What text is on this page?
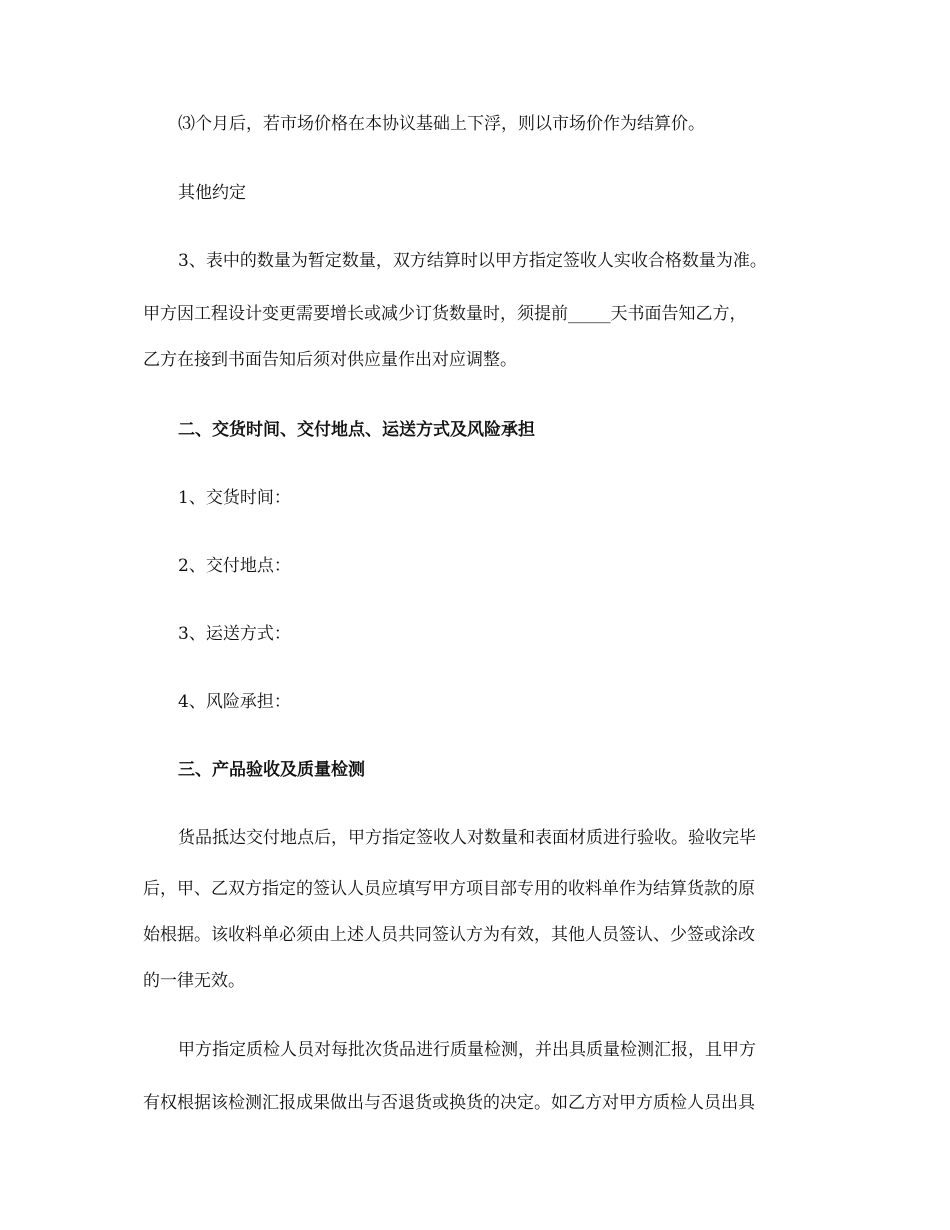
⑶个月后，若市场价格在本协议基础上下浮，则以市场价作为结算价。

其他约定

3、表中的数量为暂定数量，双方结算时以甲方指定签收人实收合格数量为准。

甲方因工程设计变更需要增长或减少订货数量时，须提前_____天书面告知乙方，

乙方在接到书面告知后须对供应量作出对应调整。

二、交货时间、交付地点、运送方式及风险承担

1、交货时间：

2、交付地点：

3、运送方式：

4、风险承担：

三、产品验收及质量检测

货品抵达交付地点后，甲方指定签收人对数量和表面材质进行验收。验收完毕

后，甲、乙双方指定的签认人员应填写甲方项目部专用的收料单作为结算货款的原

始根据。该收料单必须由上述人员共同签认方为有效，其他人员签认、少签或涂改

的一律无效。

甲方指定质检人员对每批次货品进行质量检测，并出具质量检测汇报，且甲方

有权根据该检测汇报成果做出与否退货或换货的决定。如乙方对甲方质检人员出具
